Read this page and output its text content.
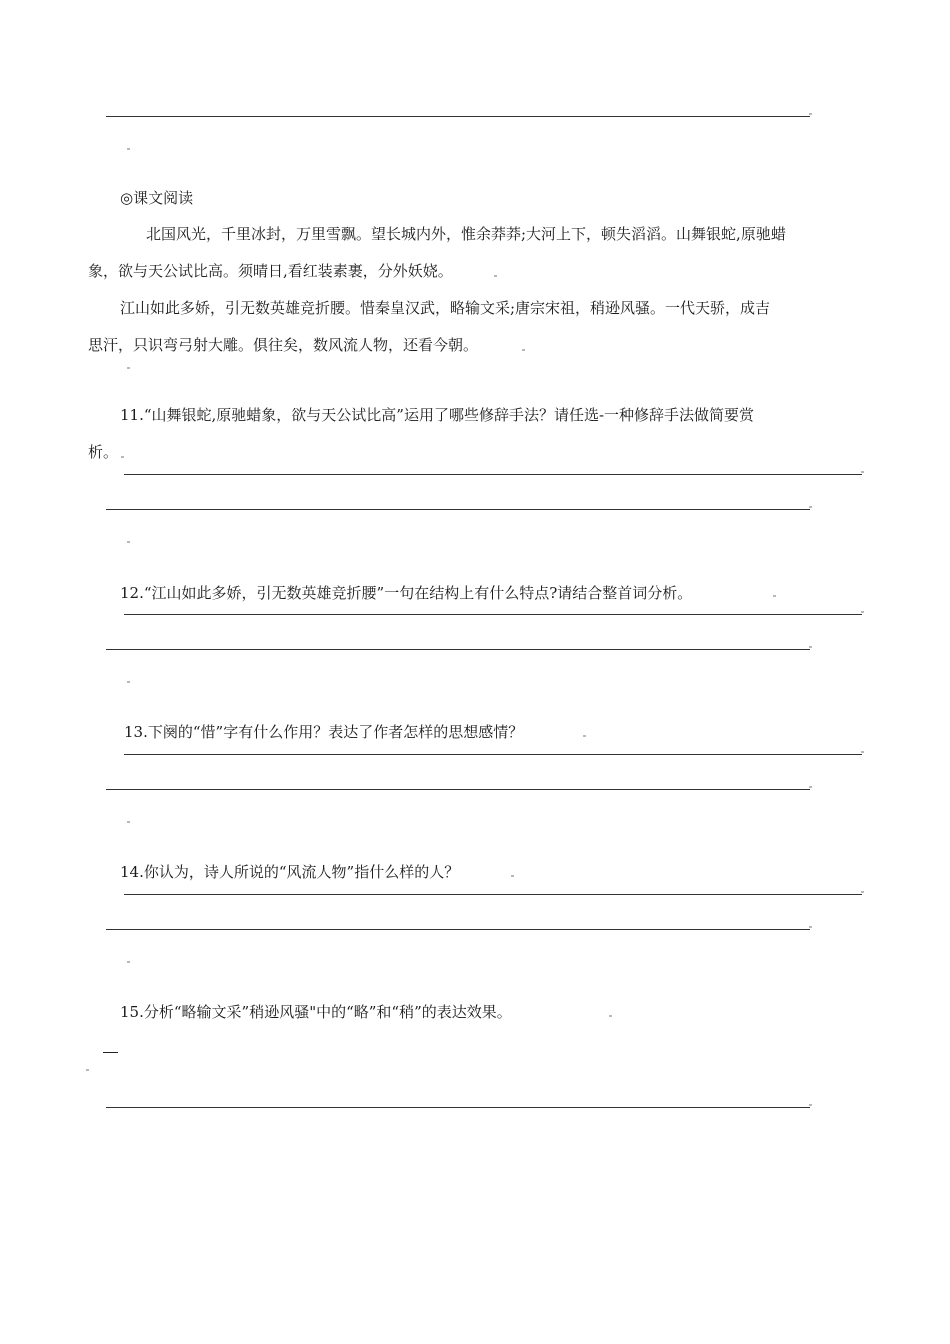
◎课文阅读
北国风光，千里冰封，万里雪飘。望长城内外，惟余莽莽;大河上下，顿失滔滔。山舞银蛇,原驰蜡
象，欲与天公试比高。须晴日,看红装素裹，分外妖娆。
江山如此多娇，引无数英雄竞折腰。惜秦皇汉武，略输文采;唐宗宋祖，稍逊风骚。一代天骄，成吉
思汗，只识弯弓射大雕。俱往矣，数风流人物，还看今朝。
11.“山舞银蛇,原驰蜡象，欲与天公试比高”运用了哪些修辞手法？请任选-一种修辞手法做简要赏
析。
12.“江山如此多娇，引无数英雄竞折腰”一句在结构上有什么特点?请结合整首词分析。
13.下阕的“惜”字有什么作用？表达了作者怎样的思想感情？
14.你认为，诗人所说的“风流人物”指什么样的人？
15.分析“略输文采”稍逊风骚"中的“略”和“稍”的表达效果。
